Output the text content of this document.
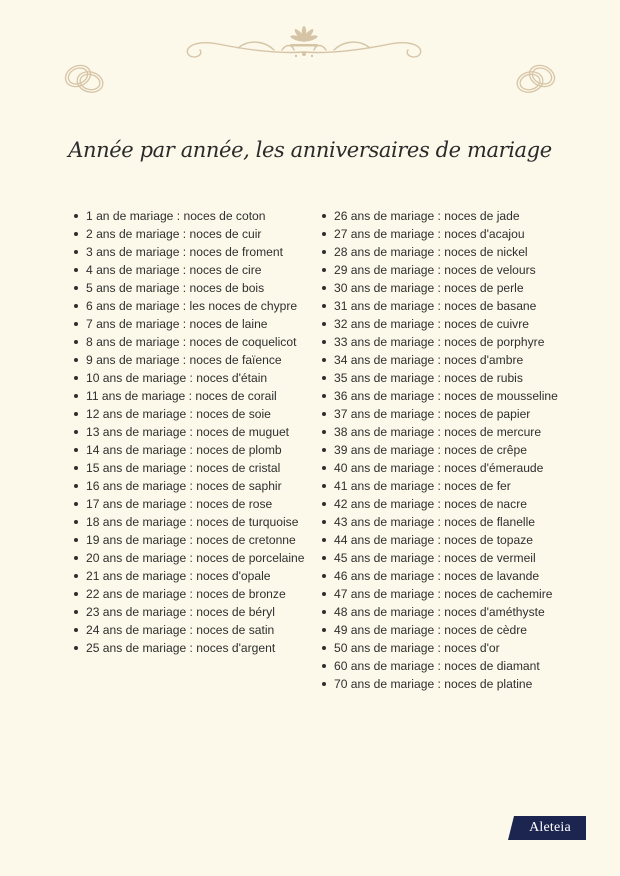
Année par année, les anniversaires de mariage
1 an de mariage : noces de coton
2 ans de mariage : noces de cuir
3 ans de mariage : noces de froment
4 ans de mariage : noces de cire
5 ans de mariage : noces de bois
6 ans de mariage : les noces de chypre
7 ans de mariage : noces de laine
8 ans de mariage : noces de coquelicot
9 ans de mariage : noces de faïence
10 ans de mariage : noces d'étain
11 ans de mariage : noces de corail
12 ans de mariage : noces de soie
13 ans de mariage : noces de muguet
14 ans de mariage : noces de plomb
15 ans de mariage : noces de cristal
16 ans de mariage : noces de saphir
17 ans de mariage : noces de rose
18 ans de mariage : noces de turquoise
19 ans de mariage : noces de cretonne
20 ans de mariage : noces de porcelaine
21 ans de mariage : noces d'opale
22 ans de mariage : noces de bronze
23 ans de mariage : noces de béryl
24 ans de mariage : noces de satin
25 ans de mariage : noces d'argent
26 ans de mariage : noces de jade
27 ans de mariage : noces d'acajou
28 ans de mariage : noces de nickel
29 ans de mariage : noces de velours
30 ans de mariage : noces de perle
31 ans de mariage : noces de basane
32 ans de mariage : noces de cuivre
33 ans de mariage : noces de porphyre
34 ans de mariage : noces d'ambre
35 ans de mariage : noces de rubis
36 ans de mariage : noces de mousseline
37 ans de mariage : noces de papier
38 ans de mariage : noces de mercure
39 ans de mariage : noces de crêpe
40 ans de mariage : noces d'émeraude
41 ans de mariage : noces de fer
42 ans de mariage : noces de nacre
43 ans de mariage : noces de flanelle
44 ans de mariage : noces de topaze
45 ans de mariage : noces de vermeil
46 ans de mariage : noces de lavande
47 ans de mariage : noces de cachemire
48 ans de mariage : noces d'améthyste
49 ans de mariage : noces de cèdre
50 ans de mariage : noces d'or
60 ans de mariage : noces de diamant
70 ans de mariage : noces de platine
Aleteia
